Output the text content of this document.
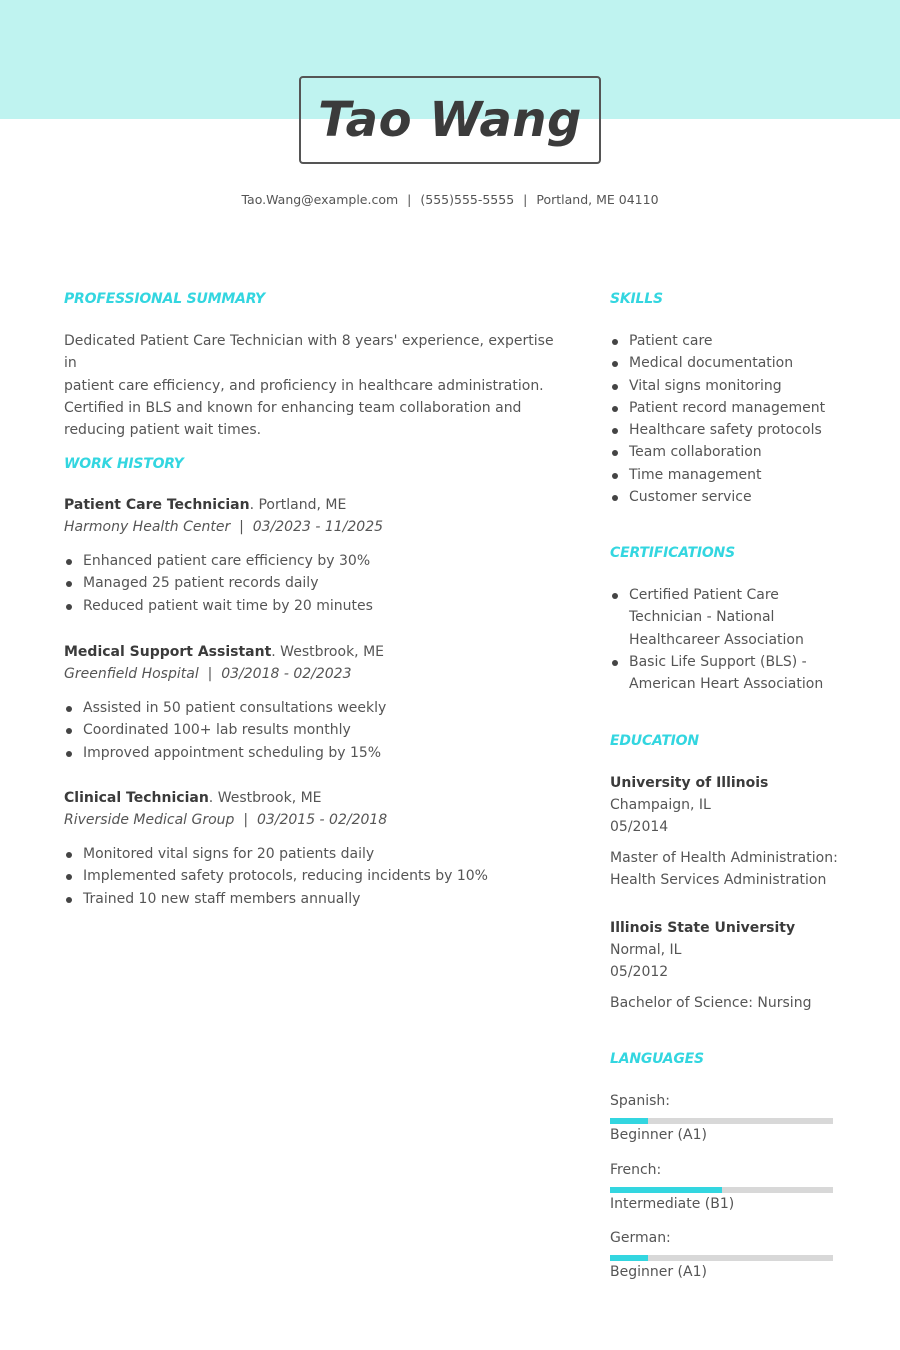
Tao Wang
Tao.Wang@example.com | (555)555-5555 | Portland, ME 04110
PROFESSIONAL SUMMARY
Dedicated Patient Care Technician with 8 years' experience, expertise in
patient care efficiency, and proficiency in healthcare administration.
Certified in BLS and known for enhancing team collaboration and
reducing patient wait times.
WORK HISTORY
Patient Care Technician. Portland, ME
Harmony Health Center  |  03/2023 - 11/2025
Enhanced patient care efficiency by 30%
Managed 25 patient records daily
Reduced patient wait time by 20 minutes
Medical Support Assistant. Westbrook, ME
Greenfield Hospital  |  03/2018 - 02/2023
Assisted in 50 patient consultations weekly
Coordinated 100+ lab results monthly
Improved appointment scheduling by 15%
Clinical Technician. Westbrook, ME
Riverside Medical Group  |  03/2015 - 02/2018
Monitored vital signs for 20 patients daily
Implemented safety protocols, reducing incidents by 10%
Trained 10 new staff members annually
SKILLS
Patient care
Medical documentation
Vital signs monitoring
Patient record management
Healthcare safety protocols
Team collaboration
Time management
Customer service
CERTIFICATIONS
Certified Patient Care
Technician - National
Healthcareer Association
Basic Life Support (BLS) -
American Heart Association
EDUCATION
University of Illinois
Champaign, IL
05/2014
Master of Health Administration:
Health Services Administration
Illinois State University
Normal, IL
05/2012
Bachelor of Science: Nursing
LANGUAGES
Spanish:
Beginner (A1)
French:
Intermediate (B1)
German:
Beginner (A1)
